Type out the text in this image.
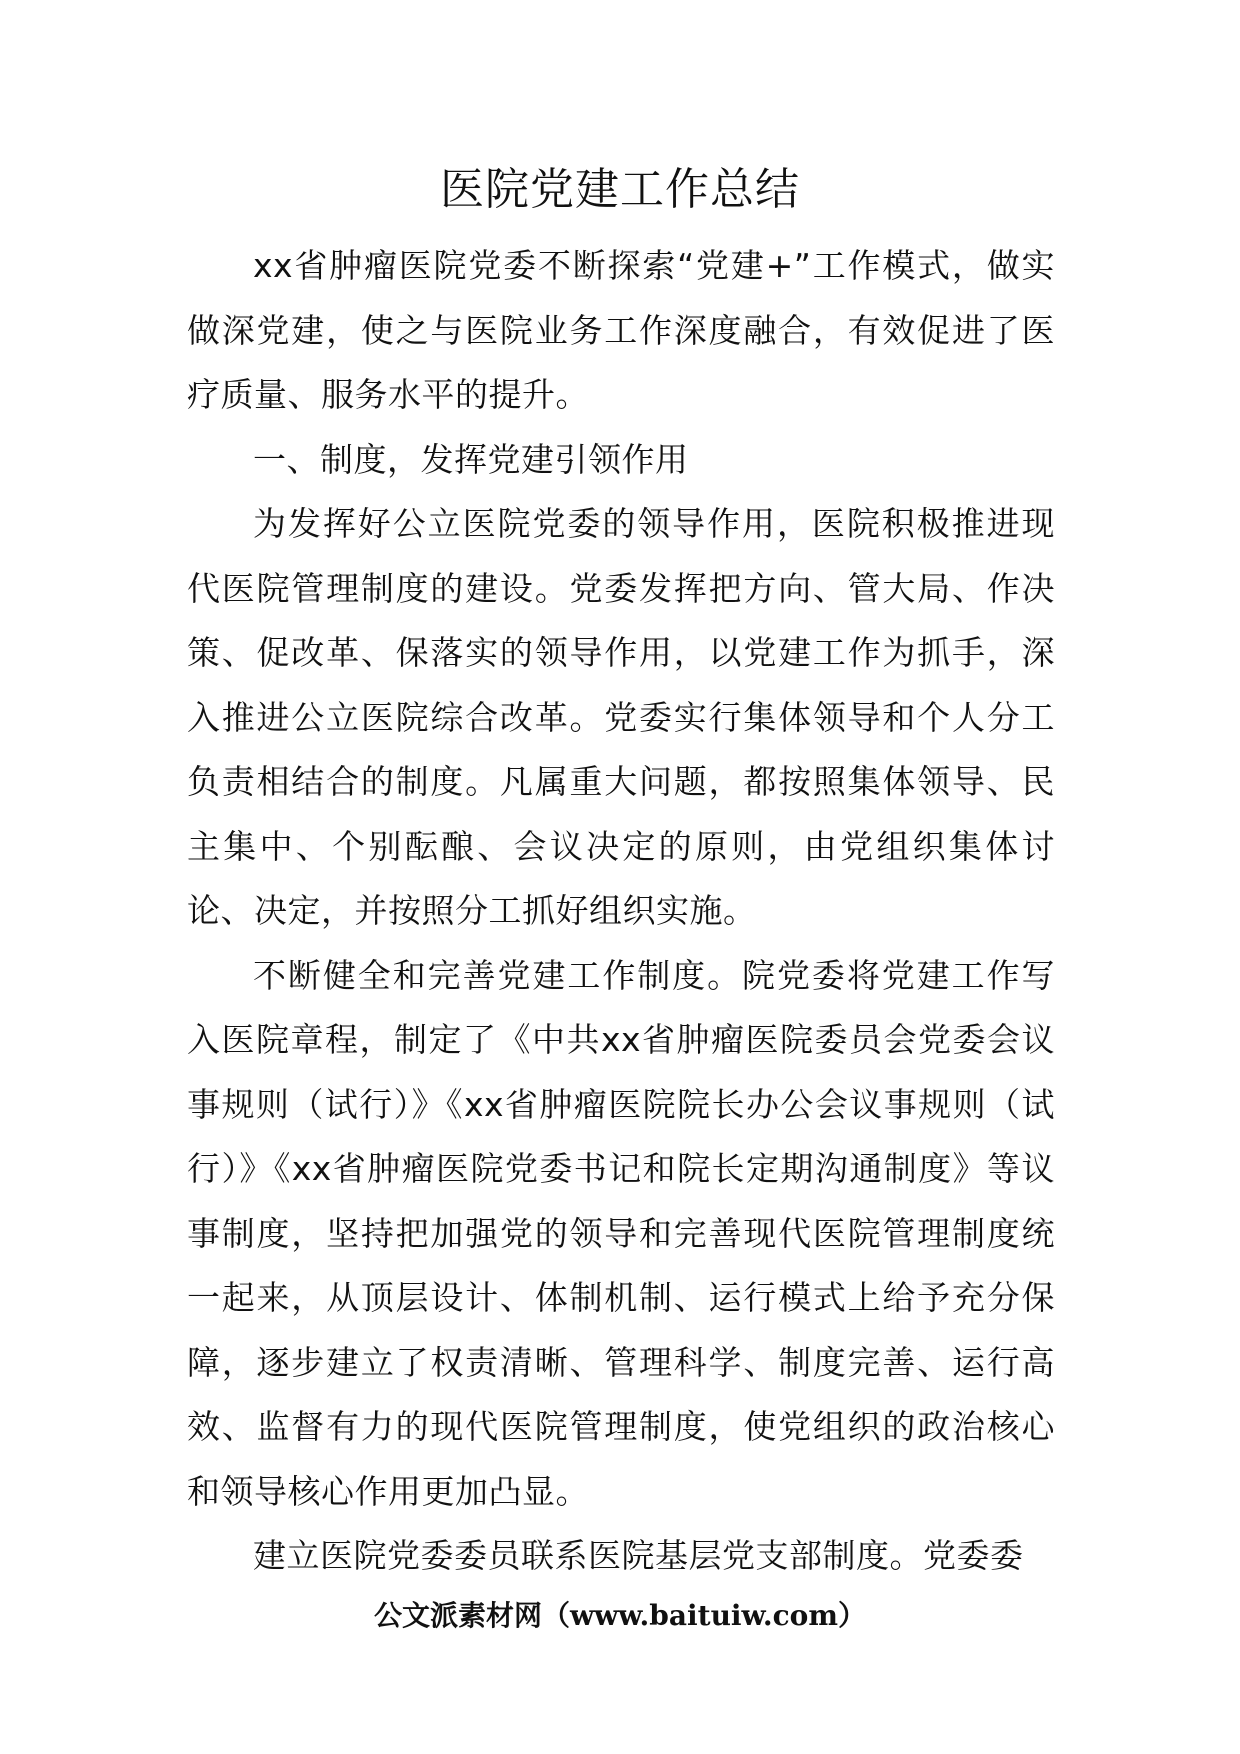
医院党建工作总结

xx省肿瘤医院党委不断探索“党建+”工作模式，做实做深党建，使之与医院业务工作深度融合，有效促进了医疗质量、服务水平的提升。

一、制度，发挥党建引领作用

为发挥好公立医院党委的领导作用，医院积极推进现代医院管理制度的建设。党委发挥把方向、管大局、作决策、促改革、保落实的领导作用，以党建工作为抓手，深入推进公立医院综合改革。党委实行集体领导和个人分工负责相结合的制度。凡属重大问题，都按照集体领导、民主集中、个别酝酿、会议决定的原则，由党组织集体讨论、决定，并按照分工抓好组织实施。

不断健全和完善党建工作制度。院党委将党建工作写入医院章程，制定了《中共xx省肿瘤医院委员会党委会议事规则（试行）》《xx省肿瘤医院院长办公会议事规则（试行）》《xx省肿瘤医院党委书记和院长定期沟通制度》等议事制度，坚持把加强党的领导和完善现代医院管理制度统一起来，从顶层设计、体制机制、运行模式上给予充分保障，逐步建立了权责清晰、管理科学、制度完善、运行高效、监督有力的现代医院管理制度，使党组织的政治核心和领导核心作用更加凸显。

建立医院党委委员联系医院基层党支部制度。党委委

公文派素材网（www.baituiw.com）
